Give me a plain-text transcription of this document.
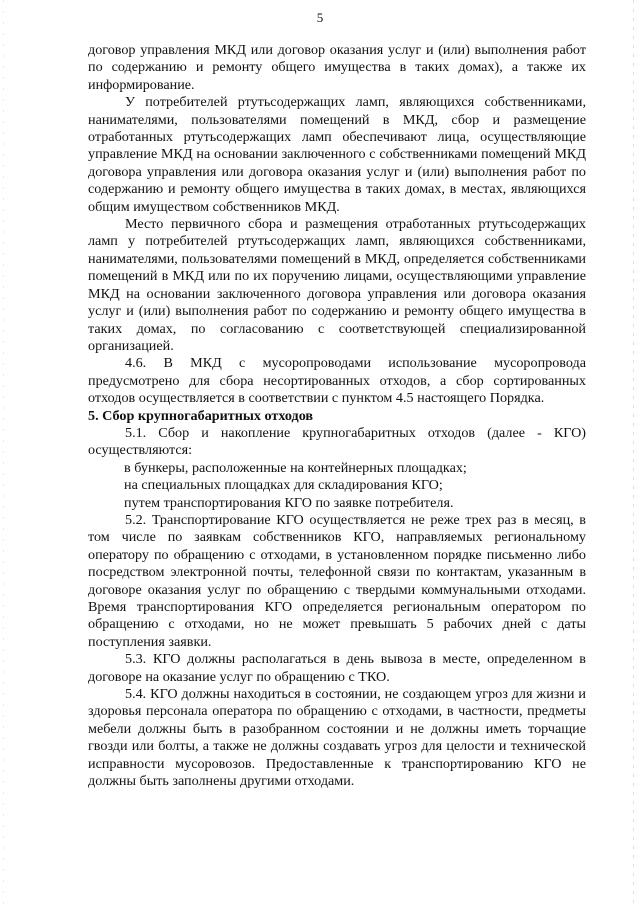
5

договор управления МКД или договор оказания услуг и (или) выполнения работ по содержанию и ремонту общего имущества в таких домах), а также их информирование.

У потребителей ртутьсодержащих ламп, являющихся собственниками, нанимателями, пользователями помещений в МКД, сбор и размещение отработанных ртутьсодержащих ламп обеспечивают лица, осуществляющие управление МКД на основании заключенного с собственниками помещений МКД договора управления или договора оказания услуг и (или) выполнения работ по содержанию и ремонту общего имущества в таких домах, в местах, являющихся общим имуществом собственников МКД.

Место первичного сбора и размещения отработанных ртутьсодержащих ламп у потребителей ртутьсодержащих ламп, являющихся собственниками, нанимателями, пользователями помещений в МКД, определяется собственниками помещений в МКД или по их поручению лицами, осуществляющими управление МКД на основании заключенного договора управления или договора оказания услуг и (или) выполнения работ по содержанию и ремонту общего имущества в таких домах, по согласованию с соответствующей специализированной организацией.

4.6. В МКД с мусоропроводами использование мусоропровода предусмотрено для сбора несортированных отходов, а сбор сортированных отходов осуществляется в соответствии с пунктом 4.5 настоящего Порядка.

5. Сбор крупногабаритных отходов

5.1. Сбор и накопление крупногабаритных отходов (далее - КГО) осуществляются:

в бункеры, расположенные на контейнерных площадках;

на специальных площадках для складирования КГО;

путем транспортирования КГО по заявке потребителя.

5.2. Транспортирование КГО осуществляется не реже трех раз в месяц, в том числе по заявкам собственников КГО, направляемых региональному оператору по обращению с отходами, в установленном порядке письменно либо посредством электронной почты, телефонной связи по контактам, указанным в договоре оказания услуг по обращению с твердыми коммунальными отходами. Время транспортирования КГО определяется региональным оператором по обращению с отходами, но не может превышать 5 рабочих дней с даты поступления заявки.

5.3. КГО должны располагаться в день вывоза в месте, определенном в договоре на оказание услуг по обращению с ТКО.

5.4. КГО должны находиться в состоянии, не создающем угроз для жизни и здоровья персонала оператора по обращению с отходами, в частности, предметы мебели должны быть в разобранном состоянии и не должны иметь торчащие гвозди или болты, а также не должны создавать угроз для целости и технической исправности мусоровозов. Предоставленные к транспортированию КГО не должны быть заполнены другими отходами.
